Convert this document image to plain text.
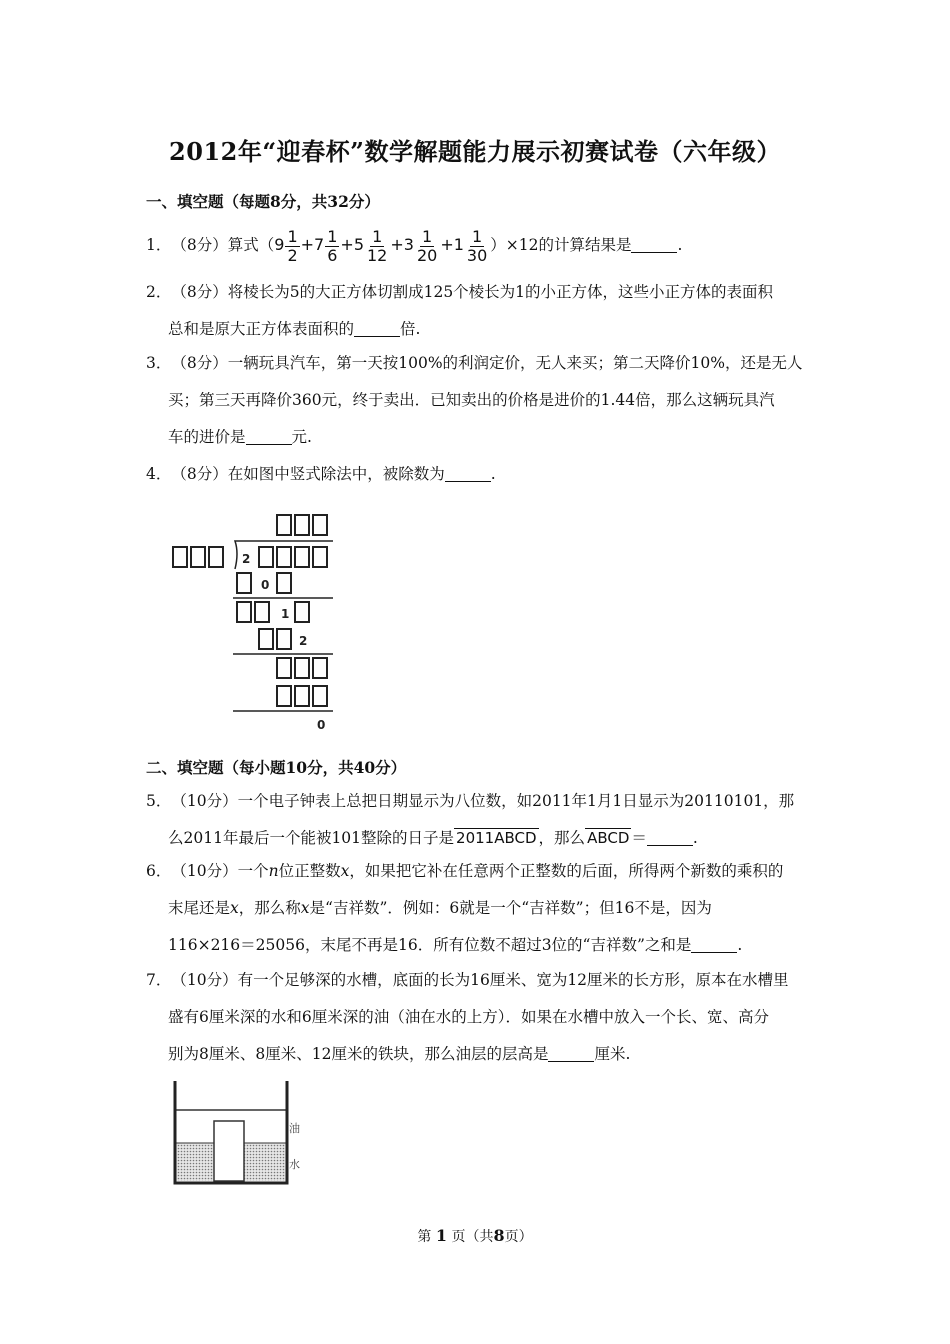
2012年“迎春杯”数学解题能力展示初赛试卷（六年级）
一、填空题（每题8分，共32分）
1．（8分）算式$(9 \frac{1}{2} +7 \frac{1}{6} +5 \frac{1}{12} +3 \frac{1}{20} +1 \frac{1}{30} )\times 12$的计算结果是	.
2．（8分）将棱长为5的大正方体切割成125个棱长为1的小正方体，这些小正方体的表面积
总和是原大正方体表面积的	倍.
3．（8分）一辆玩具汽车，第一天按100%的利润定价，无人来买；第二天降价10%，还是无人
买；第三天再降价360元，终于卖出．已知卖出的价格是进价的1.44倍，那么这辆玩具汽
车的进价是	元.
4．（8分）在如图中竖式除法中，被除数为	.
2
0
1
2
0
二、填空题（每小题10分，共40分）
5．（10分）一个电子钟表上总把日期显示为八位数，如2011年1月1日显示为20110101，那
么2011年最后一个能被101整除的日子是 2011ABCD ，那么 ABCD ＝	.
6．（10分）一个n位正整数x，如果把它补在任意两个正整数的后面，所得两个新数的乘积的
末尾还是x，那么称x是“吉祥数”．例如：6就是一个“吉祥数”；但16不是，因为
116×216＝25056，末尾不再是16．所有位数不超过3位的“吉祥数”之和是	.
7．（10分）有一个足够深的水槽，底面的长为16厘米、宽为12厘米的长方形，原本在水槽里
盛有6厘米深的水和6厘米深的油（油在水的上方）．如果在水槽中放入一个长、宽、高分
别为8厘米、8厘米、12厘米的铁块，那么油层的层高是	厘米.
油
水
第 1 页（共8页）
